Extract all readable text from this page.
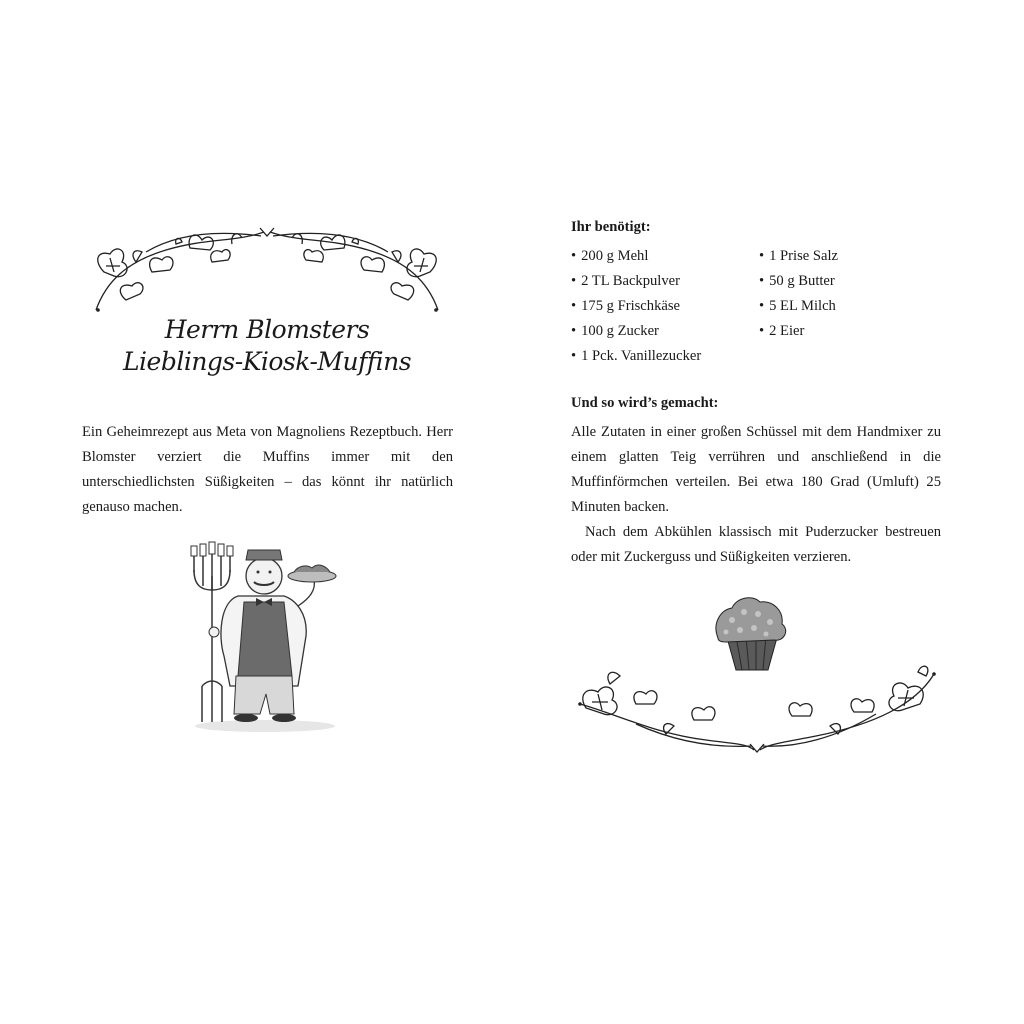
Herrn Blomsters
Lieblings-Kiosk-Muffins

Ein Geheimrezept aus Meta von Magnoliens Rezeptbuch. Herr Blomster verziert die Muffins immer mit den unterschiedlichsten Süßigkeiten – das könnt ihr natürlich genauso machen.

Ihr benötigt:
• 200 g Mehl
• 2 TL Backpulver
• 175 g Frischkäse
• 100 g Zucker
• 1 Pck. Vanillezucker
• 1 Prise Salz
• 50 g Butter
• 5 EL Milch
• 2 Eier
Und so wird’s gemacht:

Alle Zutaten in einer großen Schüssel mit dem Handmixer zu einem glatten Teig verrühren und anschließend in die Muffinförmchen verteilen. Bei etwa 180 Grad (Umluft) 25 Minuten backen.

Nach dem Abkühlen klassisch mit Puderzucker bestreuen oder mit Zuckerguss und Süßigkeiten verzieren.
